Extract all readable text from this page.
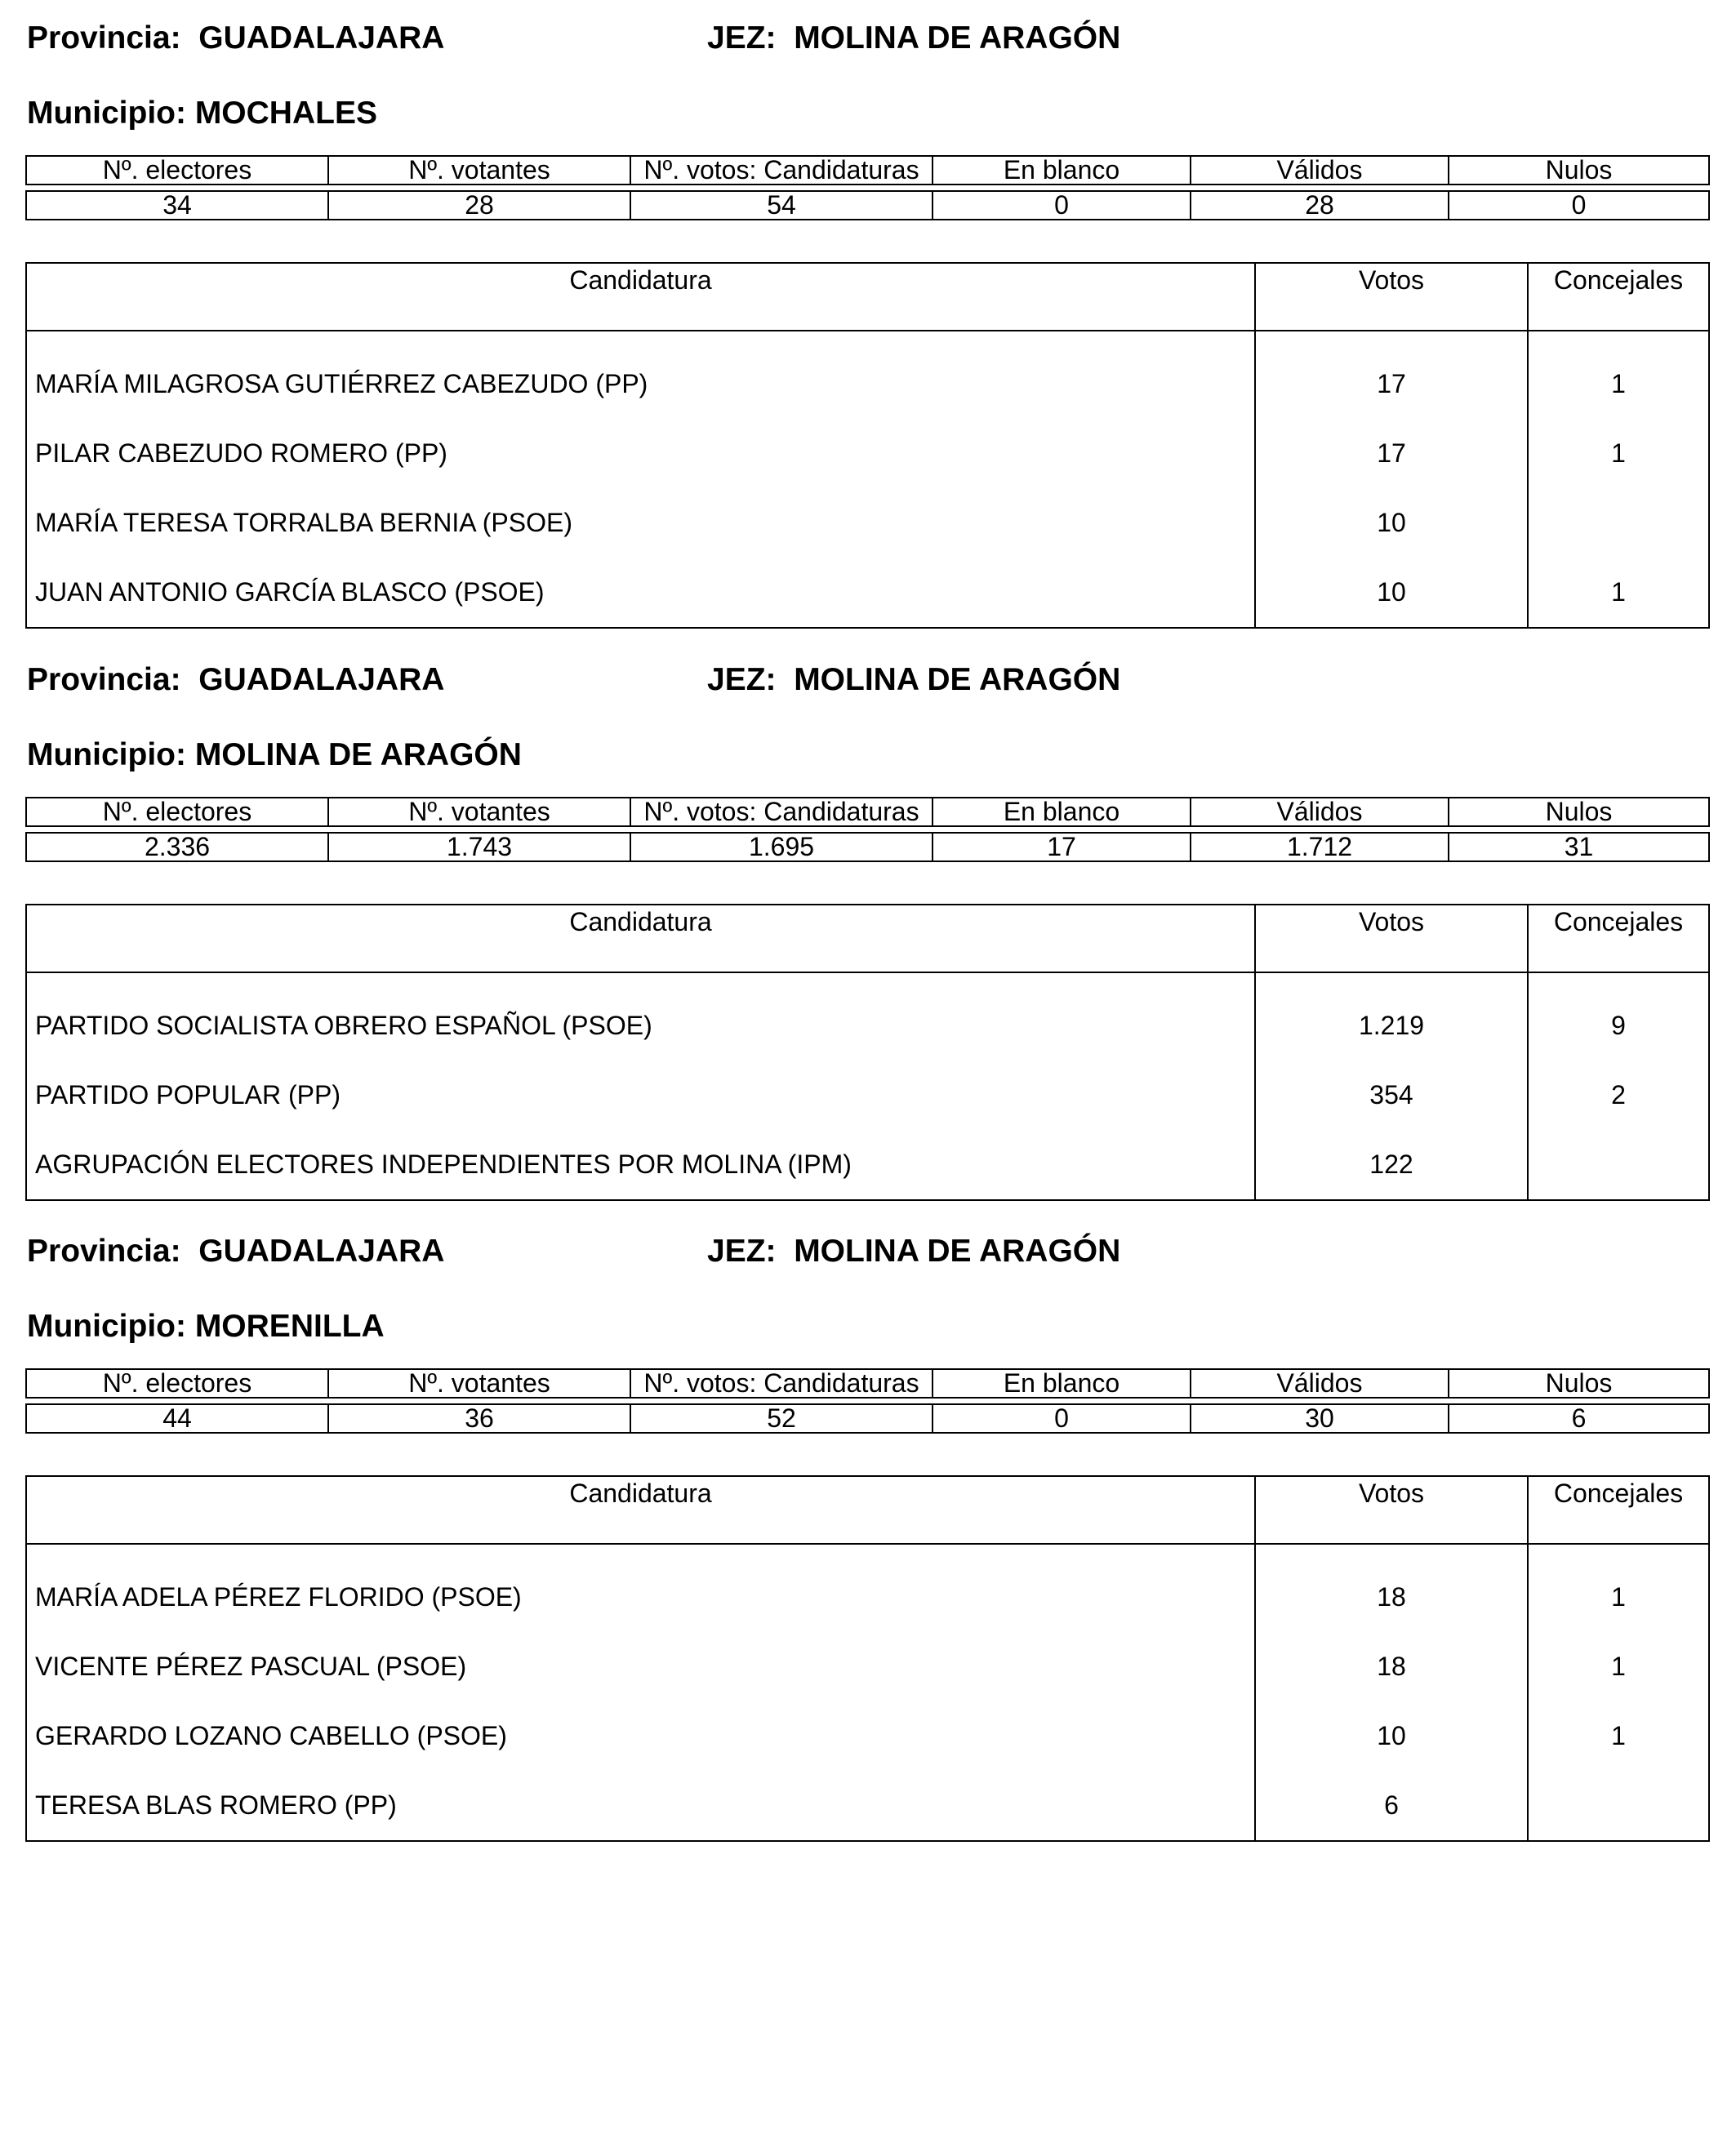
Provincia: GUADALAJARA	JEZ: MOLINA DE ARAGÓN
Municipio: MOCHALES
Nº. electores	Nº. votantes	Nº. votos: Candidaturas	En blanco	Válidos	Nulos

34	28	54	0	28	0
Candidatura	Votos	Concejales
MARÍA MILAGROSA GUTIÉRREZ CABEZUDO (PP)	17	1
PILAR CABEZUDO ROMERO (PP)	17	1
MARÍA TERESA TORRALBA BERNIA (PSOE)	10	
JUAN ANTONIO GARCÍA BLASCO (PSOE)	10	1
Provincia: GUADALAJARA	JEZ: MOLINA DE ARAGÓN
Municipio: MOLINA DE ARAGÓN
Nº. electores	Nº. votantes	Nº. votos: Candidaturas	En blanco	Válidos	Nulos

2.336	1.743	1.695	17	1.712	31
Candidatura	Votos	Concejales
PARTIDO SOCIALISTA OBRERO ESPAÑOL (PSOE)	1.219	9
PARTIDO POPULAR (PP)	354	2
AGRUPACIÓN ELECTORES INDEPENDIENTES POR MOLINA (IPM)	122	
Provincia: GUADALAJARA	JEZ: MOLINA DE ARAGÓN
Municipio: MORENILLA
Nº. electores	Nº. votantes	Nº. votos: Candidaturas	En blanco	Válidos	Nulos

44	36	52	0	30	6
Candidatura	Votos	Concejales
MARÍA ADELA PÉREZ FLORIDO (PSOE)	18	1
VICENTE PÉREZ PASCUAL (PSOE)	18	1
GERARDO LOZANO CABELLO (PSOE)	10	1
TERESA BLAS ROMERO (PP)	6	
